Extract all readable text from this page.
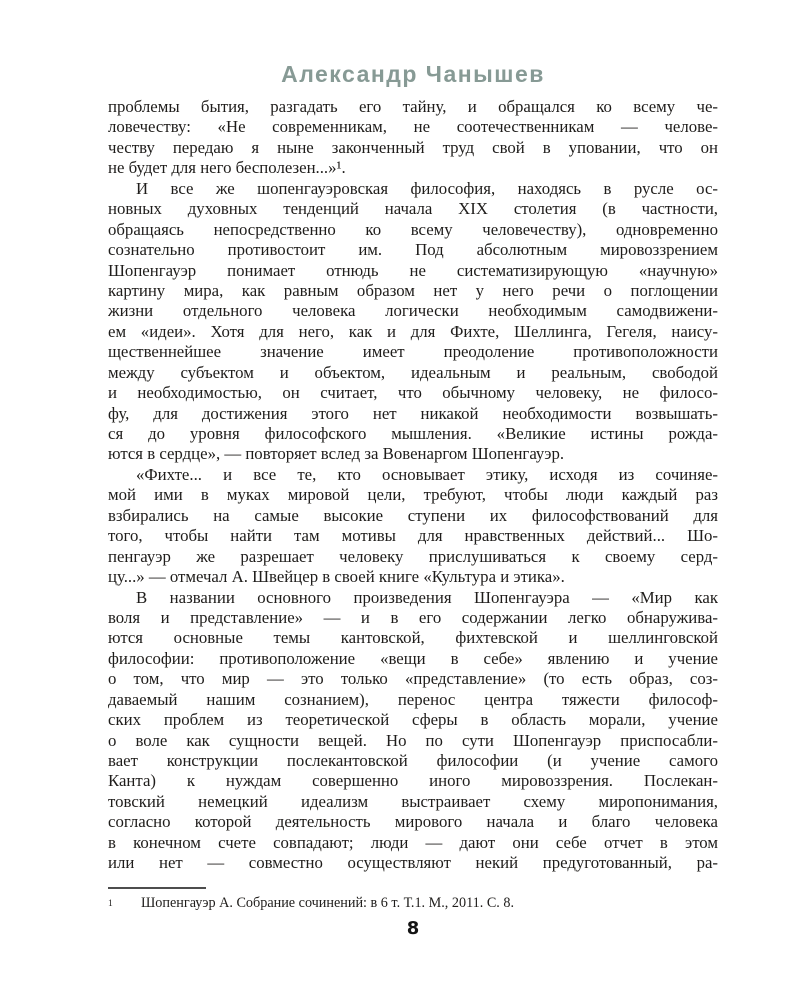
Александр Чанышев
проблемы бытия, разгадать его тайну, и обращался ко всему че-
ловечеству: «Не современникам, не соотечественникам — челове-
честву передаю я ныне законченный труд свой в уповании, что он
не будет для него бесполезен...»¹.
И все же шопенгауэровская философия, находясь в русле ос-
новных духовных тенденций начала XIX столетия (в частности,
обращаясь непосредственно ко всему человечеству), одновременно
сознательно противостоит им. Под абсолютным мировоззрением
Шопенгауэр понимает отнюдь не систематизирующую «научную»
картину мира, как равным образом нет у него речи о поглощении
жизни отдельного человека логически необходимым самодвижени-
ем «идеи». Хотя для него, как и для Фихте, Шеллинга, Гегеля, наису-
щественнейшее значение имеет преодоление противоположности
между субъектом и объектом, идеальным и реальным, свободой
и необходимостью, он считает, что обычному человеку, не филосо-
фу, для достижения этого нет никакой необходимости возвышать-
ся до уровня философского мышления. «Великие истины рожда-
ются в сердце», — повторяет вслед за Вовенаргом Шопенгауэр.
«Фихте... и все те, кто основывает этику, исходя из сочиняе-
мой ими в муках мировой цели, требуют, чтобы люди каждый раз
взбирались на самые высокие ступени их философствований для
того, чтобы найти там мотивы для нравственных действий... Шо-
пенгауэр же разрешает человеку прислушиваться к своему серд-
цу...» — отмечал А. Швейцер в своей книге «Культура и этика».
В названии основного произведения Шопенгауэра — «Мир как
воля и представление» — и в его содержании легко обнаружива-
ются основные темы кантовской, фихтевской и шеллинговской
философии: противоположение «вещи в себе» явлению и учение
о том, что мир — это только «представление» (то есть образ, соз-
даваемый нашим сознанием), перенос центра тяжести философ-
ских проблем из теоретической сферы в область морали, учение
о воле как сущности вещей. Но по сути Шопенгауэр приспосабли-
вает конструкции послекантовской философии (и учение самого
Канта) к нуждам совершенно иного мировоззрения. Послекан-
товский немецкий идеализм выстраивает схему миропонимания,
согласно которой деятельность мирового начала и благо человека
в конечном счете совпадают; люди — дают они себе отчет в этом
или нет — совместно осуществляют некий предуготованный, ра-
1	Шопенгауэр А. Собрание сочинений: в 6 т. Т.1. М., 2011. С. 8.
8
